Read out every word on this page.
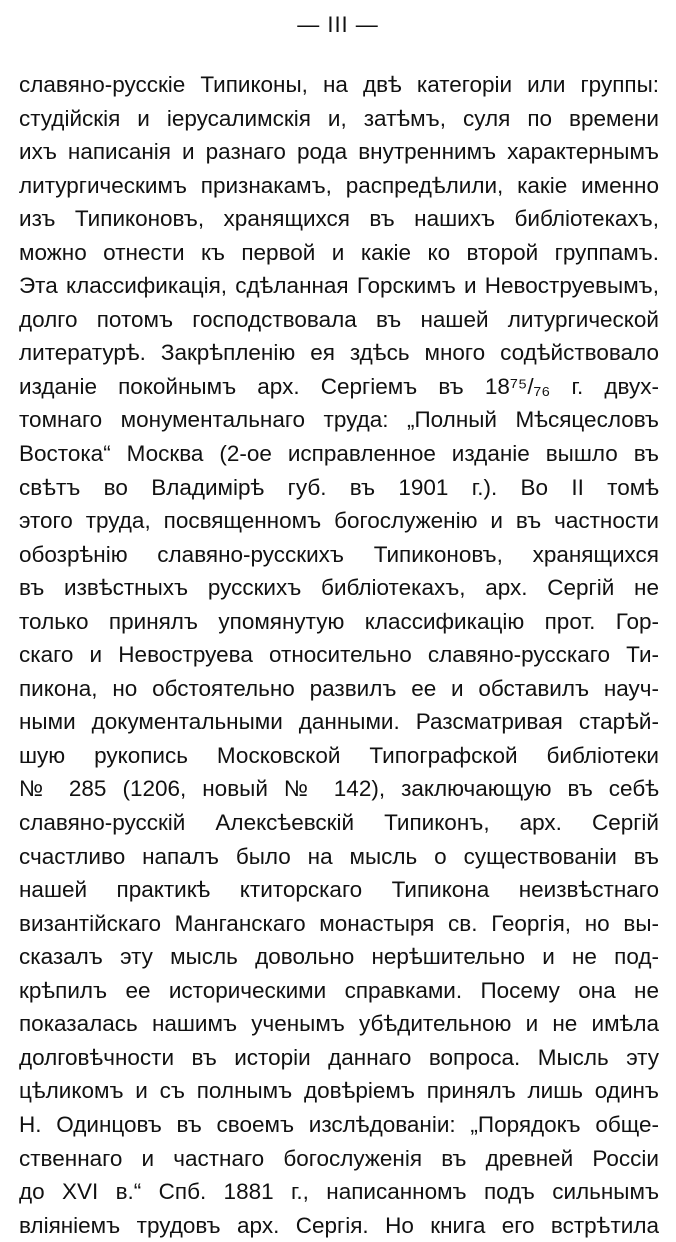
— III —
славяно-русскіе Типиконы, на двѣ категоріи или группы:
студійскія и іерусалимскія и, затѣмъ, суля по времени
ихъ написанія и разнаго рода внутреннимъ характернымъ
литургическимъ признакамъ, распредѣлили, какіе именно
изъ Типиконовъ, хранящихся въ нашихъ библіотекахъ,
можно отнести къ первой и какіе ко второй группамъ.
Эта классификація, сдѣланная Горскимъ и Невоструевымъ,
долго потомъ господствовала въ нашей литургической
литературѣ. Закрѣпленію ея здѣсь много содѣйствовало
изданіе покойнымъ арх. Сергіемъ въ 18⁷⁵/₇₆ г. двух-
томнаго монументальнаго труда: „Полный Мѣсяцесловъ
Востока“ Москва (2-ое исправленное изданіе вышло въ
свѣтъ во Владимірѣ губ. въ 1901 г.). Во II томѣ
этого труда, посвященномъ богослуженію и въ частности
обозрѣнію славяно-русскихъ Типиконовъ, хранящихся
въ извѣстныхъ русскихъ библіотекахъ, арх. Сергій не
только принялъ упомянутую классификацію прот. Гор-
скаго и Невоструева относительно славяно-русскаго Ти-
пикона, но обстоятельно развилъ ее и обставилъ науч-
ными документальными данными. Разсматривая старѣй-
шую рукопись Московской Типографской библіотеки
№ 285 (1206, новый № 142), заключающую въ себѣ
славяно-русскій Алексѣевскій Типиконъ, арх. Сергій
счастливо напалъ было на мысль о существованіи въ
нашей практикѣ ктиторскаго Типикона неизвѣстнаго
византійскаго Манганскаго монастыря св. Георгія, но вы-
сказалъ эту мысль довольно нерѣшительно и не под-
крѣпилъ ее историческими справками. Посему она не
показалась нашимъ ученымъ убѣдительною и не имѣла
долговѣчности въ исторіи даннаго вопроса. Мысль эту
цѣликомъ и съ полнымъ довѣріемъ принялъ лишь одинъ
Н. Одинцовъ въ своемъ изслѣдованіи: „Порядокъ обще-
ственнаго и частнаго богослуженія въ древней Россіи
до XVI в.“ Спб. 1881 г., написанномъ подъ сильнымъ
вліяніемъ трудовъ арх. Сергія. Но книга его встрѣтила
